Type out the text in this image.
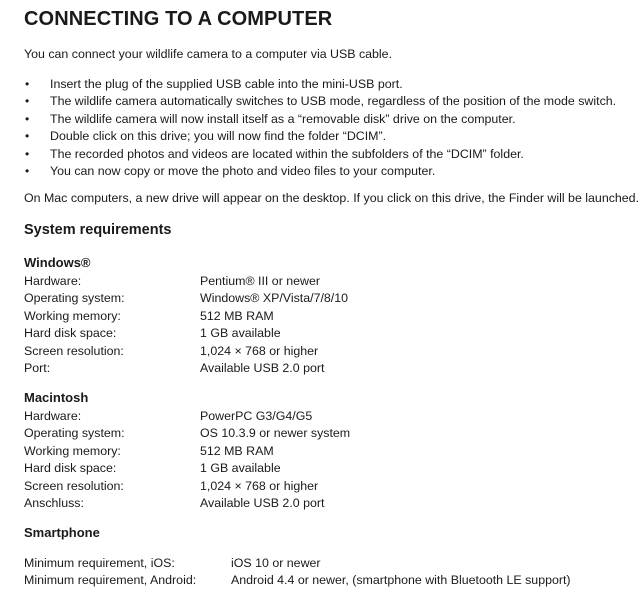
CONNECTING TO A COMPUTER
You can connect your wildlife camera to a computer via USB cable.
• Insert the plug of the supplied USB cable into the mini-USB port.
• The wildlife camera automatically switches to USB mode, regardless of the position of the mode switch.
• The wildlife camera will now install itself as a “removable disk” drive on the computer.
• Double click on this drive; you will now find the folder “DCIM”.
• The recorded photos and videos are located within the subfolders of the “DCIM” folder.
• You can now copy or move the photo and video files to your computer.
On Mac computers, a new drive will appear on the desktop. If you click on this drive, the Finder will be launched.
System requirements
Windows®
Hardware:	Pentium® III or newer
Operating system:	Windows® XP/Vista/7/8/10
Working memory:	512 MB RAM
Hard disk space:	1 GB available
Screen resolution:	1,024 × 768 or higher
Port:	Available USB 2.0 port
Macintosh
Hardware:	PowerPC G3/G4/G5
Operating system:	OS 10.3.9 or newer system
Working memory:	512 MB RAM
Hard disk space:	1 GB available
Screen resolution:	1,024 × 768 or higher
Anschluss:	Available USB 2.0 port
Smartphone
Minimum requirement, iOS:	iOS 10 or newer
Minimum requirement, Android:	Android 4.4 or newer, (smartphone with Bluetooth LE support)
